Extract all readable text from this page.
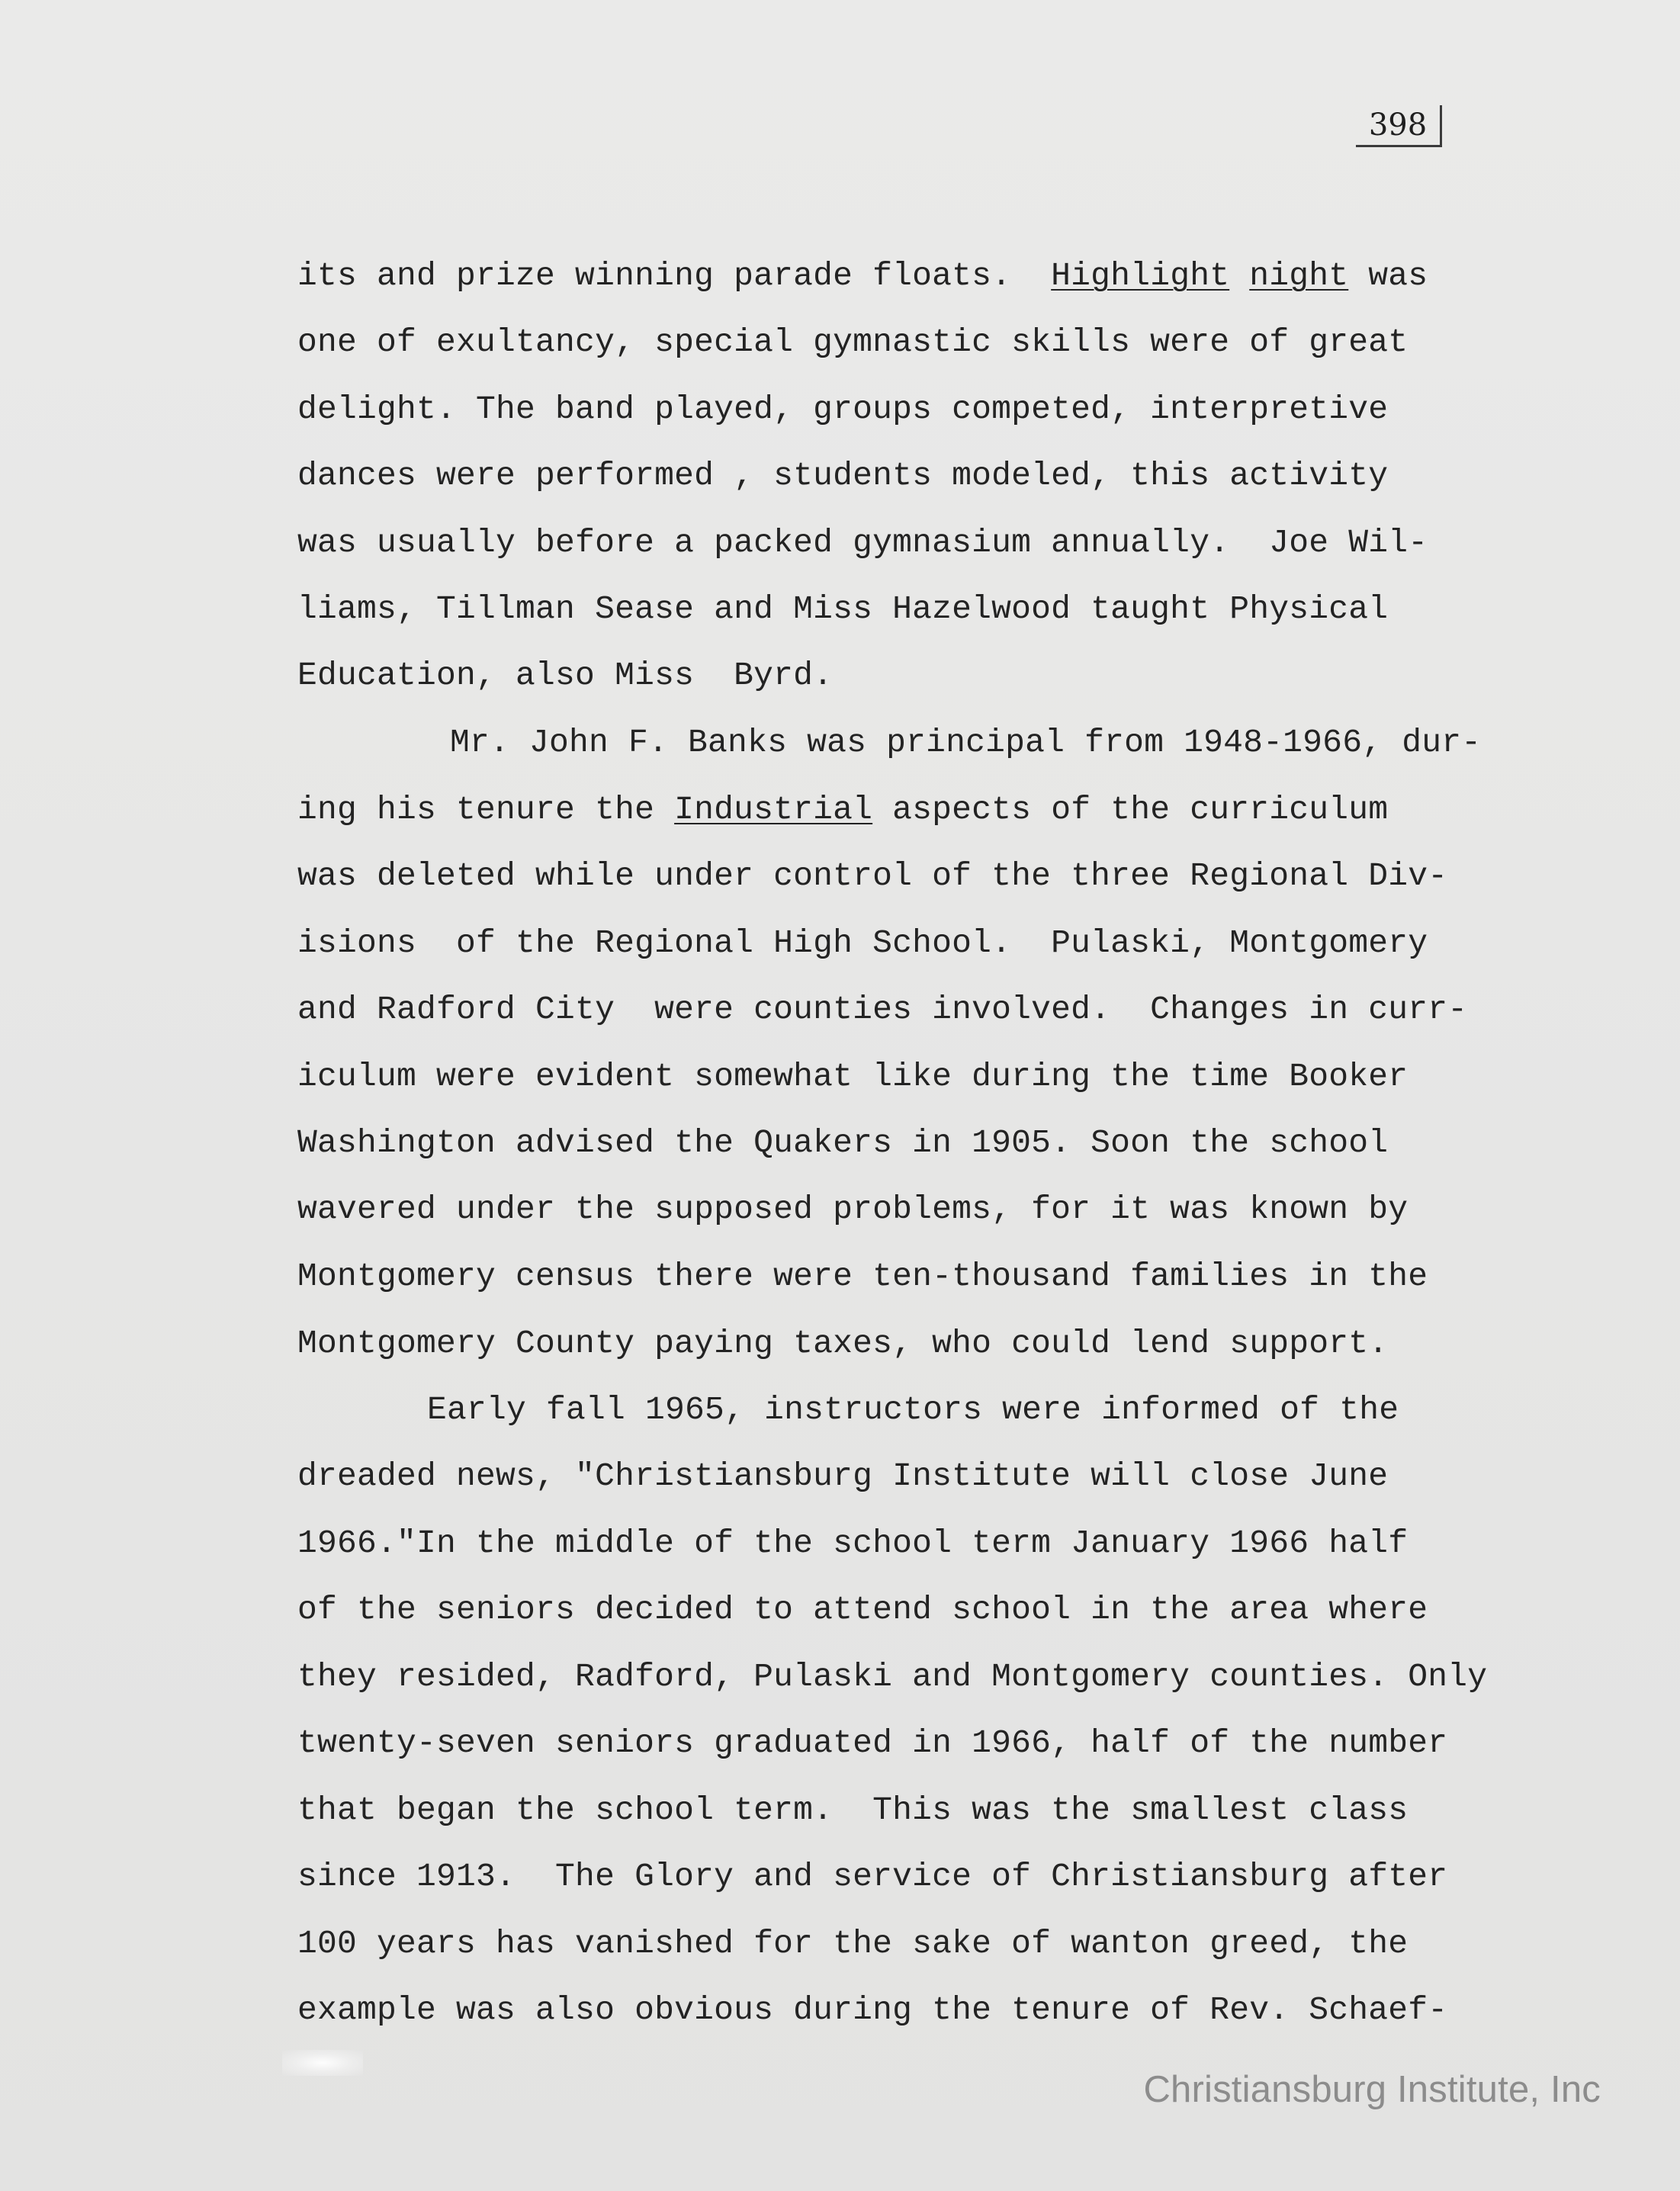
398
its and prize winning parade floats. Highlight night was
one of exultancy, special gymnastic skills were of great
delight. The band played, groups competed, interpretive
dances were performed , students modeled, this activity
was usually before a packed gymnasium annually.  Joe Wil-
liams, Tillman Sease and Miss Hazelwood taught Physical
Education, also Miss  Byrd.
Mr. John F. Banks was principal from 1948-1966, dur-
ing his tenure the Industrial aspects of the curriculum
was deleted while under control of the three Regional Div-
isions  of the Regional High School.  Pulaski, Montgomery
and Radford City  were counties involved.  Changes in curr-
iculum were evident somewhat like during the time Booker
Washington advised the Quakers in 1905. Soon the school
wavered under the supposed problems, for it was known by
Montgomery census there were ten-thousand families in the
Montgomery County paying taxes, who could lend support.
Early fall 1965, instructors were informed of the
dreaded news, "Christiansburg Institute will close June
1966."In the middle of the school term January 1966 half
of the seniors decided to attend school in the area where
they resided, Radford, Pulaski and Montgomery counties. Only
twenty-seven seniors graduated in 1966, half of the number
that began the school term.  This was the smallest class
since 1913.  The Glory and service of Christiansburg after
100 years has vanished for the sake of wanton greed, the
example was also obvious during the tenure of Rev. Schaef-
Christiansburg Institute, Inc
